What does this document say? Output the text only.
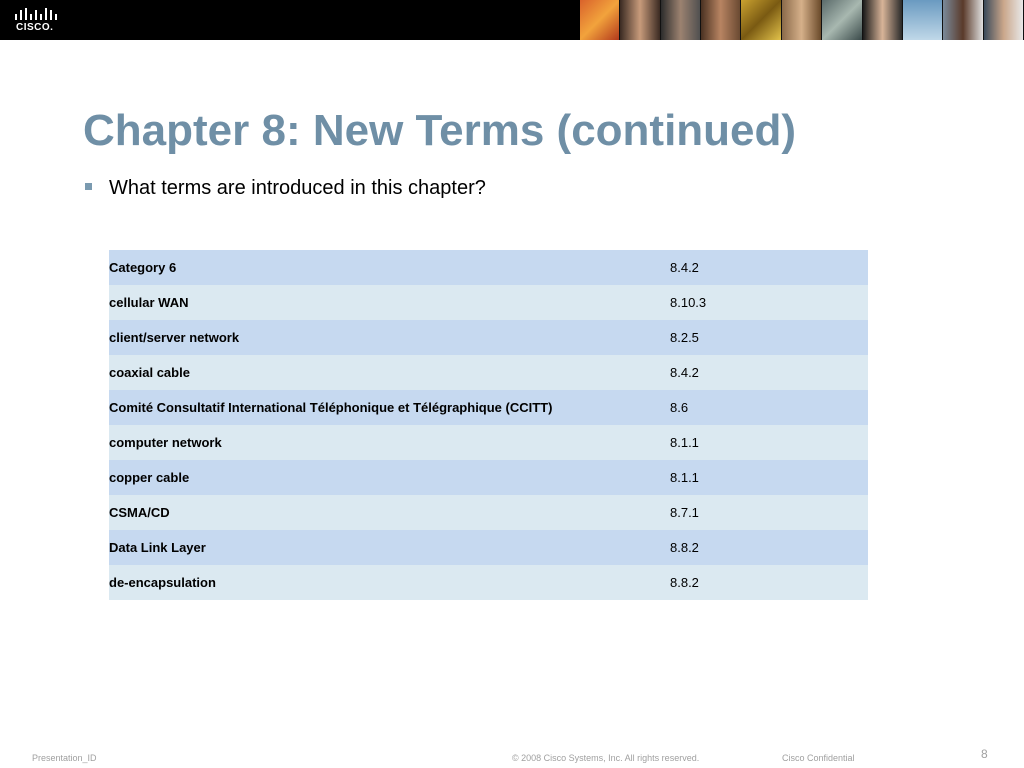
CISCO.
Chapter 8: New Terms (continued)
What terms are introduced in this chapter?
Category 6	8.4.2
cellular WAN	8.10.3
client/server network	8.2.5
coaxial cable	8.4.2
Comité Consultatif International Téléphonique et Télégraphique (CCITT)	8.6
computer network	8.1.1
copper cable	8.1.1
CSMA/CD	8.7.1
Data Link Layer	8.8.2
de-encapsulation	8.8.2
Presentation_ID	© 2008 Cisco Systems, Inc. All rights reserved.	Cisco Confidential	8
